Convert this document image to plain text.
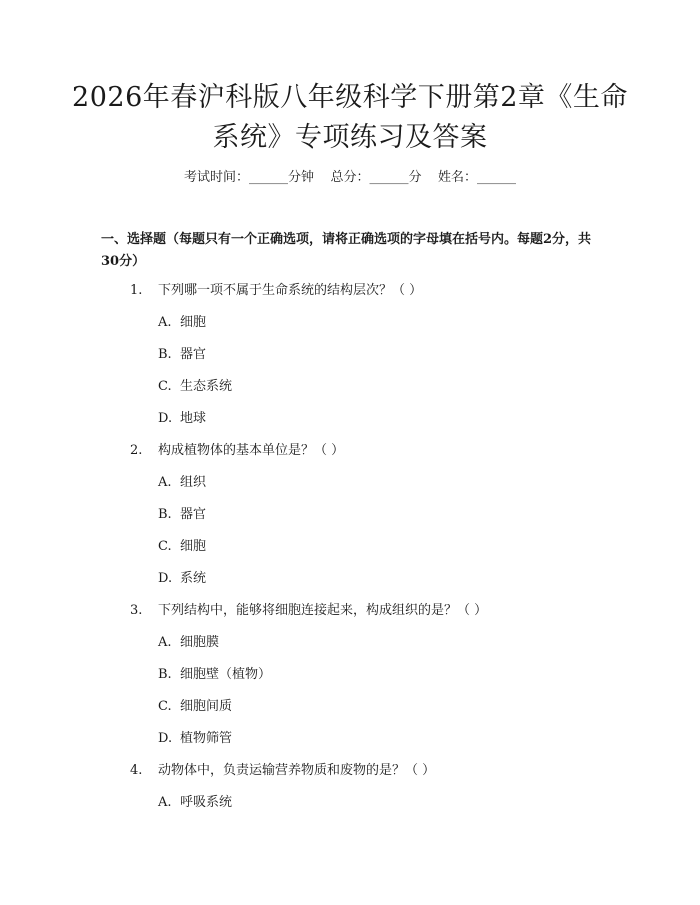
2026年春沪科版八年级科学下册第2章《生命系统》专项练习及答案
考试时间：______分钟    总分：______分    姓名：______
一、选择题（每题只有一个正确选项，请将正确选项的字母填在括号内。每题2分，共30分）
1. 下列哪一项不属于生命系统的结构层次？（ ）
A. 细胞
B. 器官
C. 生态系统
D. 地球
2. 构成植物体的基本单位是？（ ）
A. 组织
B. 器官
C. 细胞
D. 系统
3. 下列结构中，能够将细胞连接起来，构成组织的是？（ ）
A. 细胞膜
B. 细胞壁（植物）
C. 细胞间质
D. 植物筛管
4. 动物体中，负责运输营养物质和废物的是？（ ）
A. 呼吸系统
